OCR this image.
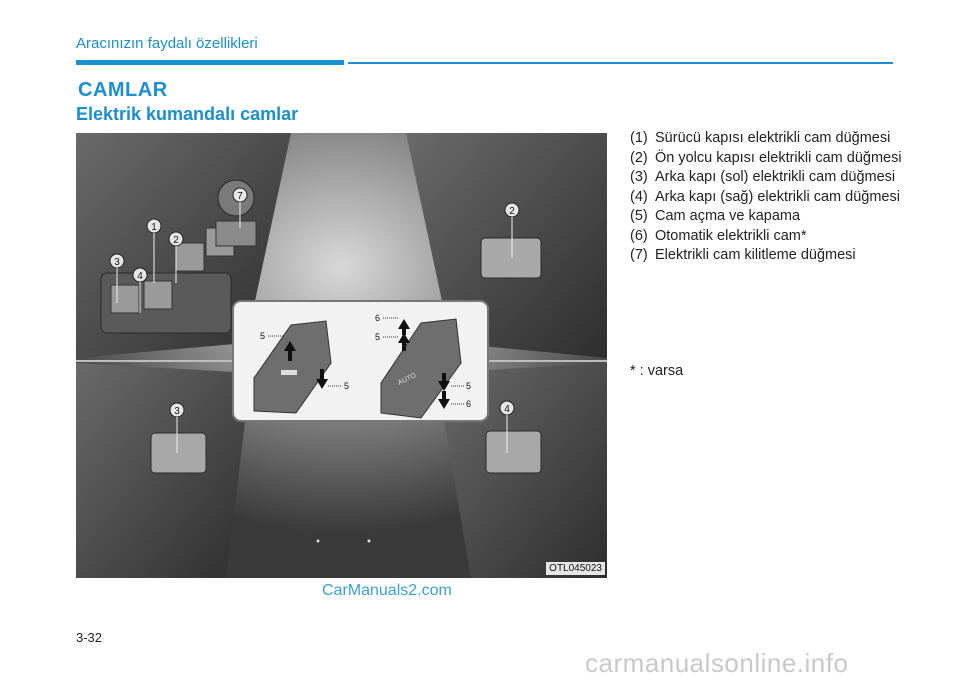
Aracınızın faydalı özellikleri
CAMLAR
Elektrik kumandalı camlar
1
2
3
4
7
2
3	4
5
5	AUTO
6
5
5
6
OTL045023
CarManuals2.com
3-32
(1) Sürücü kapısı elektrikli cam düğmesi
(2) Ön yolcu kapısı elektrikli cam düğmesi
(3) Arka kapı (sol) elektrikli cam düğmesi
(4) Arka kapı (sağ) elektrikli cam düğmesi
(5) Cam açma ve kapama
(6) Otomatik elektrikli cam*
(7) Elektrikli cam kilitleme düğmesi
* : varsa
carmanualsonline.info
